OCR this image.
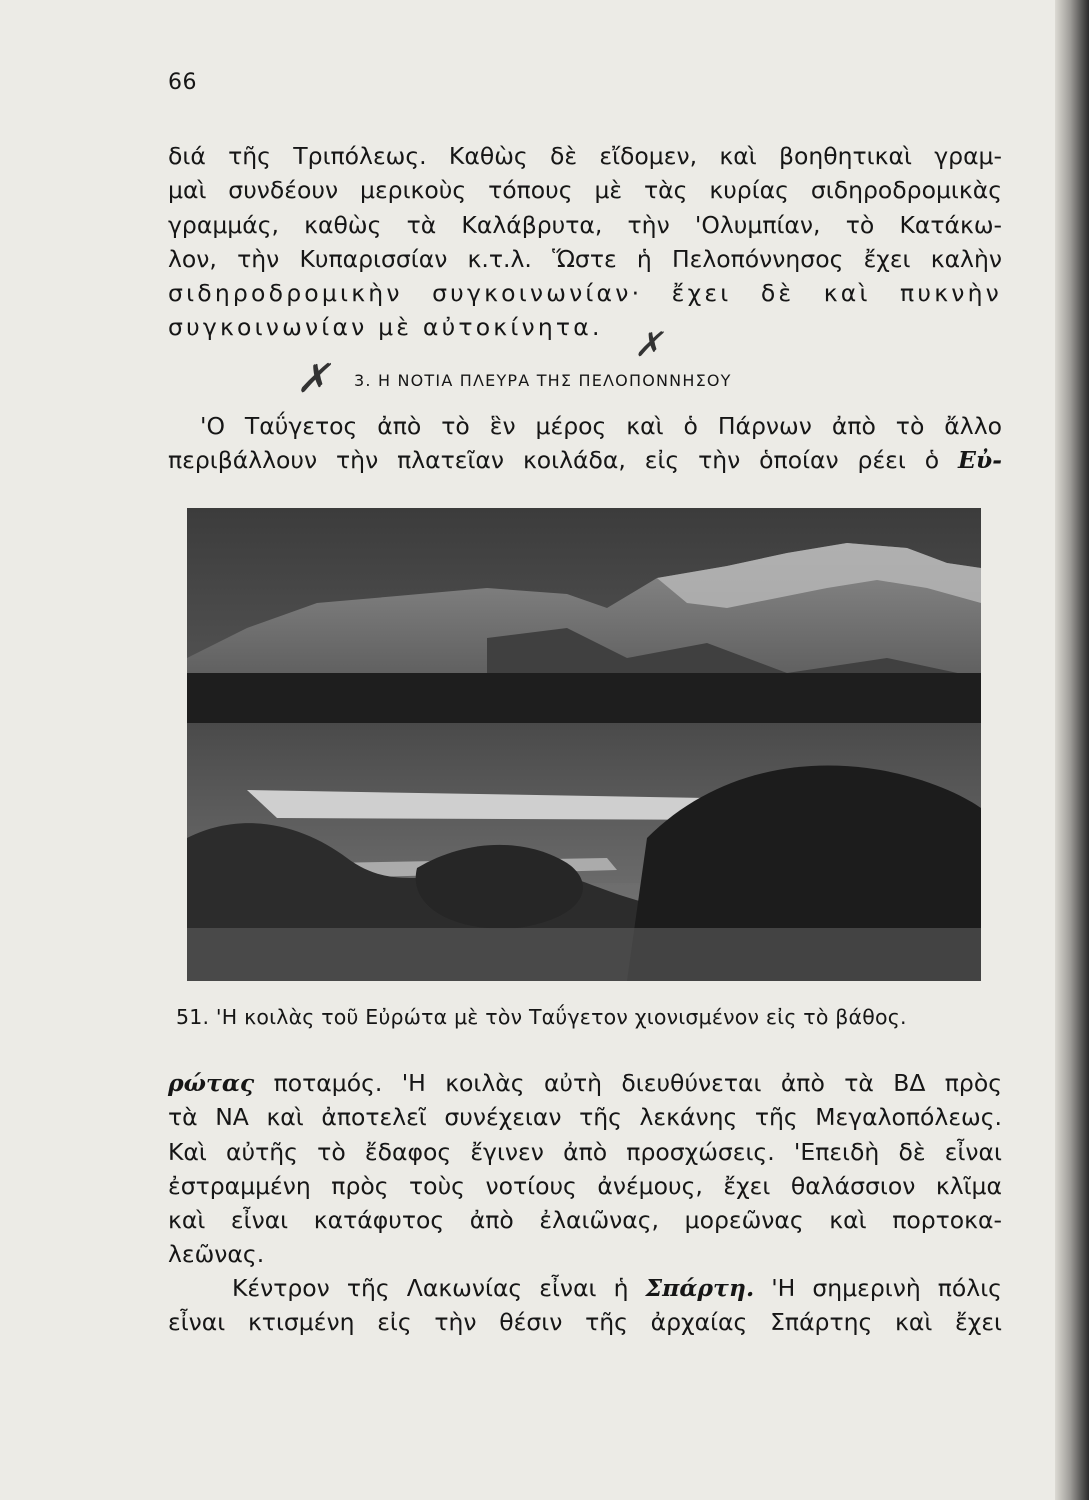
66

διά τῆς Τριπόλεως. Καθὼς δὲ εἴδομεν, καὶ βοηθητικαὶ γραμ-
μαὶ συνδέουν μερικοὺς τόπους μὲ τὰς κυρίας σιδηροδρομικὰς
γραμμάς, καθὼς τὰ Καλάβρυτα, τὴν 'Ολυμπίαν, τὸ Κατάκω-
λον, τὴν Κυπαρισσίαν κ.τ.λ. Ὥστε ἡ Πελοπόννησος ἔχει καλὴν
σιδηροδρομικὴν συγκοινωνίαν· ἔχει δὲ καὶ πυκνὴν
συγκοινωνίαν μὲ αὐτοκίνητα. ✗
✗ 3. Η ΝΟΤΙΑ ΠΛΕΥΡΑ ΤΗΣ ΠΕΛΟΠΟΝΝΗΣΟΥ

'Ο Ταΰγετος ἀπὸ τὸ ἓν μέρος καὶ ὁ Πάρνων ἀπὸ τὸ ἄλλο
περιβάλλουν τὴν πλατεῖαν κοιλάδα, εἰς τὴν ὁποίαν ρέει ὁ Εὐ-

51. 'Η κοιλὰς τοῦ Εὐρώτα μὲ τὸν Ταΰγετον χιονισμένον εἰς τὸ βάθος.

ρώτας ποταμός. 'Η κοιλὰς αὐτὴ διευθύνεται ἀπὸ τὰ ΒΔ πρὸς
τὰ ΝΑ καὶ ἀποτελεῖ συνέχειαν τῆς λεκάνης τῆς Μεγαλοπόλεως.
Καὶ αὐτῆς τὸ ἔδαφος ἔγινεν ἀπὸ προσχώσεις. 'Επειδὴ δὲ εἶναι
ἐστραμμένη πρὸς τοὺς νοτίους ἀνέμους, ἔχει θαλάσσιον κλῖμα
καὶ εἶναι κατάφυτος ἀπὸ ἐλαιῶνας, μορεῶνας καὶ πορτοκα-
λεῶνας.

Κέντρον τῆς Λακωνίας εἶναι ἡ Σπάρτη. 'Η σημερινὴ πόλις
εἶναι κτισμένη εἰς τὴν θέσιν τῆς ἀρχαίας Σπάρτης καὶ ἔχει
